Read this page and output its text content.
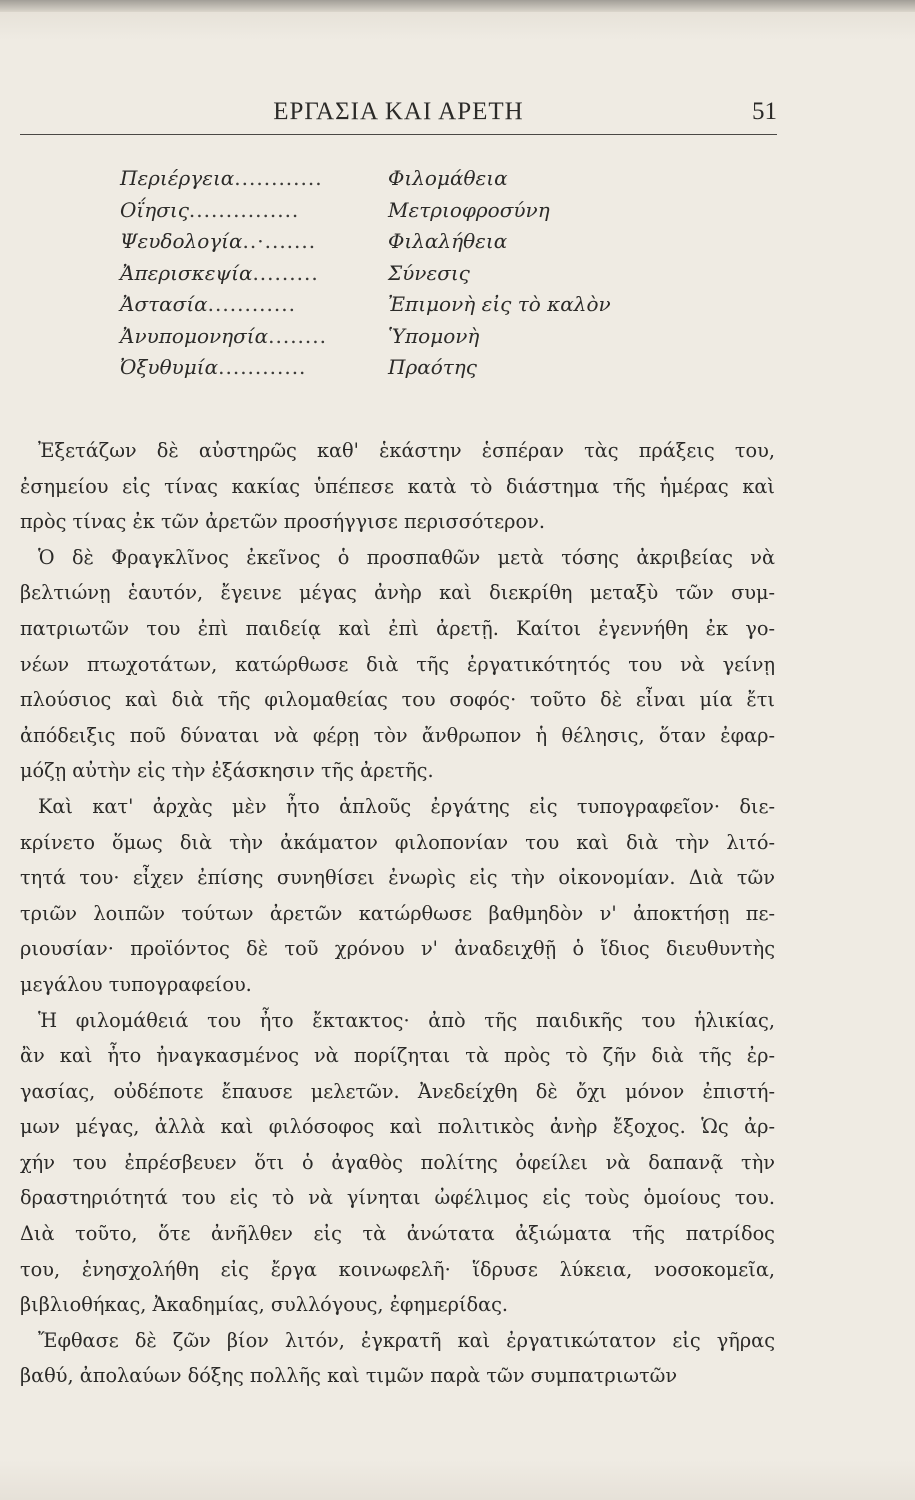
ΕΡΓΑΣΙΑ ΚΑΙ ΑΡΕΤΗ	51
Περιέργεια ............	Φιλομάθεια
Οΐησις ...............	Μετριοφροσύνη
Ψευδολογία ..·.......	Φιλαλήθεια
Ἀπερισκεψία .........	Σύνεσις
Ἀστασία ............	Ἐπιμονὴ εἰς τὸ καλὸν
Ἀνυπομονησία ........	Ὑπομονὴ
Ὀξυθυμία ............	Πραότης
Ἐξετάζων δὲ αὐστηρῶς καθ' ἑκάστην ἑσπέραν τὰς πράξεις του,
ἐσημείου εἰς τίνας κακίας ὑπέπεσε κατὰ τὸ διάστημα τῆς ἡμέρας καὶ
πρὸς τίνας ἐκ τῶν ἀρετῶν προσήγγισε περισσότερον.
Ὁ δὲ Φραγκλῖνος ἐκεῖνος ὁ προσπαθῶν μετὰ τόσης ἀκριβείας νὰ
βελτιώνῃ ἑαυτόν, ἔγεινε μέγας ἀνὴρ καὶ διεκρίθη μεταξὺ τῶν συμ-
πατριωτῶν του ἐπὶ παιδείᾳ καὶ ἐπὶ ἀρετῇ. Καίτοι ἐγεννήθη ἐκ γο-
νέων πτωχοτάτων, κατώρθωσε διὰ τῆς ἐργατικότητός του νὰ γείνῃ
πλούσιος καὶ διὰ τῆς φιλομαθείας του σοφός· τοῦτο δὲ εἶναι μία ἔτι
ἀπόδειξις ποῦ δύναται νὰ φέρῃ τὸν ἄνθρωπον ἡ θέλησις, ὅταν ἐφαρ-
μόζῃ αὐτὴν εἰς τὴν ἐξάσκησιν τῆς ἀρετῆς.
Καὶ κατ' ἀρχὰς μὲν ἦτο ἁπλοῦς ἐργάτης εἰς τυπογραφεῖον· διε-
κρίνετο ὅμως διὰ τὴν ἀκάματον φιλοπονίαν του καὶ διὰ τὴν λιτό-
τητά του· εἶχεν ἐπίσης συνηθίσει ἐνωρὶς εἰς τὴν οἰκονομίαν. Διὰ τῶν
τριῶν λοιπῶν τούτων ἀρετῶν κατώρθωσε βαθμηδὸν ν' ἀποκτήσῃ πε-
ριουσίαν· προϊόντος δὲ τοῦ χρόνου ν' ἀναδειχθῇ ὁ ἴδιος διευθυντὴς
μεγάλου τυπογραφείου.
Ἡ φιλομάθειά του ἦτο ἔκτακτος· ἀπὸ τῆς παιδικῆς του ἡλικίας,
ἂν καὶ ἦτο ἠναγκασμένος νὰ πορίζηται τὰ πρὸς τὸ ζῆν διὰ τῆς ἐρ-
γασίας, οὐδέποτε ἔπαυσε μελετῶν. Ἀνεδείχθη δὲ ὄχι μόνον ἐπιστή-
μων μέγας, ἀλλὰ καὶ φιλόσοφος καὶ πολιτικὸς ἀνὴρ ἔξοχος. Ὡς ἀρ-
χήν του ἐπρέσβευεν ὅτι ὁ ἀγαθὸς πολίτης ὀφείλει νὰ δαπανᾷ τὴν
δραστηριότητά του εἰς τὸ νὰ γίνηται ὠφέλιμος εἰς τοὺς ὁμοίους του.
Διὰ τοῦτο, ὅτε ἀνῆλθεν εἰς τὰ ἀνώτατα ἀξιώματα τῆς πατρίδος
του, ἐνησχολήθη εἰς ἔργα κοινωφελῆ· ἵδρυσε λύκεια, νοσοκομεῖα,
βιβλιοθήκας, Ἀκαδημίας, συλλόγους, ἐφημερίδας.
Ἔφθασε δὲ ζῶν βίον λιτόν, ἐγκρατῆ καὶ ἐργατικώτατον εἰς γῆρας
βαθύ, ἀπολαύων δόξης πολλῆς καὶ τιμῶν παρὰ τῶν συμπατριωτῶν
